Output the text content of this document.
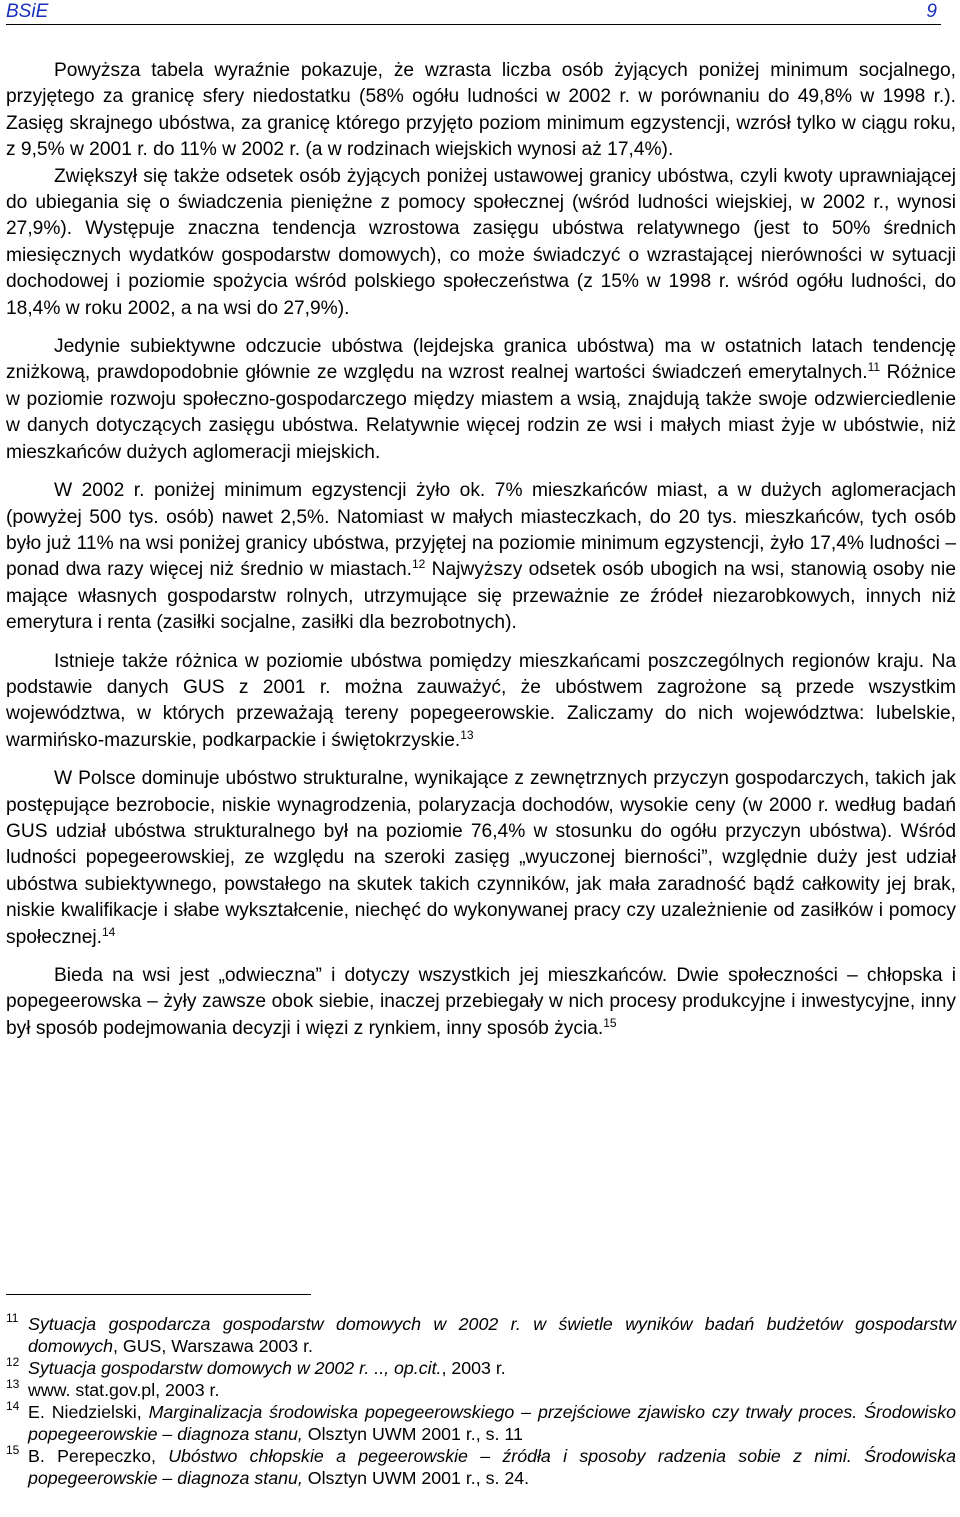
BSiE	9

Powyższa tabela wyraźnie pokazuje, że wzrasta liczba osób żyjących poniżej minimum socjalnego, przyjętego za granicę sfery niedostatku (58% ogółu ludności w 2002 r. w porównaniu do 49,8% w 1998 r.). Zasięg skrajnego ubóstwa, za granicę którego przyjęto poziom minimum egzystencji, wzrósł tylko w ciągu roku, z 9,5% w 2001 r. do 11% w 2002 r. (a w rodzinach wiejskich wynosi aż 17,4%).

Zwiększył się także odsetek osób żyjących poniżej ustawowej granicy ubóstwa, czyli kwoty uprawniającej do ubiegania się o świadczenia pieniężne z pomocy społecznej (wśród ludności wiejskiej, w 2002 r., wynosi 27,9%). Występuje znaczna tendencja wzrostowa zasięgu ubóstwa relatywnego (jest to 50% średnich miesięcznych wydatków gospodarstw domowych), co może świadczyć o wzrastającej nierówności w sytuacji dochodowej i poziomie spożycia wśród polskiego społeczeństwa (z 15% w 1998 r. wśród ogółu ludności, do 18,4% w roku 2002, a na wsi do 27,9%).

Jedynie subiektywne odczucie ubóstwa (lejdejska granica ubóstwa) ma w ostatnich latach tendencję zniżkową, prawdopodobnie głównie ze względu na wzrost realnej wartości świadczeń emerytalnych.$^{11}$ Różnice w poziomie rozwoju społeczno-gospodarczego między miastem a wsią, znajdują także swoje odzwierciedlenie w danych dotyczących zasięgu ubóstwa. Relatywnie więcej rodzin ze wsi i małych miast żyje w ubóstwie, niż mieszkańców dużych aglomeracji miejskich.

W 2002 r. poniżej minimum egzystencji żyło ok. 7% mieszkańców miast, a w dużych aglomeracjach (powyżej 500 tys. osób) nawet 2,5%. Natomiast w małych miasteczkach, do 20 tys. mieszkańców, tych osób było już 11% na wsi poniżej granicy ubóstwa, przyjętej na poziomie minimum egzystencji, żyło 17,4% ludności – ponad dwa razy więcej niż średnio w miastach.$^{12}$ Najwyższy odsetek osób ubogich na wsi, stanowią osoby nie mające własnych gospodarstw rolnych, utrzymujące się przeważnie ze źródeł niezarobkowych, innych niż emerytura i renta (zasiłki socjalne, zasiłki dla bezrobotnych).

Istnieje także różnica w poziomie ubóstwa pomiędzy mieszkańcami poszczególnych regionów kraju. Na podstawie danych GUS z 2001 r. można zauważyć, że ubóstwem zagrożone są przede wszystkim województwa, w których przeważają tereny popegeerowskie. Zaliczamy do nich województwa: lubelskie, warmińsko-mazurskie, podkarpackie i świętokrzyskie.$^{13}$

W Polsce dominuje ubóstwo strukturalne, wynikające z zewnętrznych przyczyn gospodarczych, takich jak postępujące bezrobocie, niskie wynagrodzenia, polaryzacja dochodów, wysokie ceny (w 2000 r. według badań GUS udział ubóstwa strukturalnego był na poziomie 76,4% w stosunku do ogółu przyczyn ubóstwa). Wśród ludności popegeerowskiej, ze względu na szeroki zasięg „wyuczonej bierności”, względnie duży jest udział ubóstwa subiektywnego, powstałego na skutek takich czynników, jak mała zaradność bądź całkowity jej brak, niskie kwalifikacje i słabe wykształcenie, niechęć do wykonywanej pracy czy uzależnienie od zasiłków i pomocy społecznej.$^{14}$

Bieda na wsi jest „odwieczna” i dotyczy wszystkich jej mieszkańców. Dwie społeczności – chłopska i popegeerowska – żyły zawsze obok siebie, inaczej przebiegały w nich procesy produkcyjne i inwestycyjne, inny był sposób podejmowania decyzji i więzi z rynkiem, inny sposób życia.$^{15}$

11 Sytuacja gospodarcza gospodarstw domowych w 2002 r. w świetle wyników badań budżetów gospodarstw domowych, GUS, Warszawa 2003 r.
12 Sytuacja gospodarstw domowych w 2002 r. .., op.cit., 2003 r.
13 www. stat.gov.pl, 2003 r.
14 E. Niedzielski, Marginalizacja środowiska popegeerowskiego – przejściowe zjawisko czy trwały proces. Środowisko popegeerowskie – diagnoza stanu, Olsztyn UWM 2001 r., s. 11
15 B. Perepeczko, Ubóstwo chłopskie a pegeerowskie – źródła i sposoby radzenia sobie z nimi. Środowiska popegeerowskie – diagnoza stanu, Olsztyn UWM 2001 r., s. 24.
